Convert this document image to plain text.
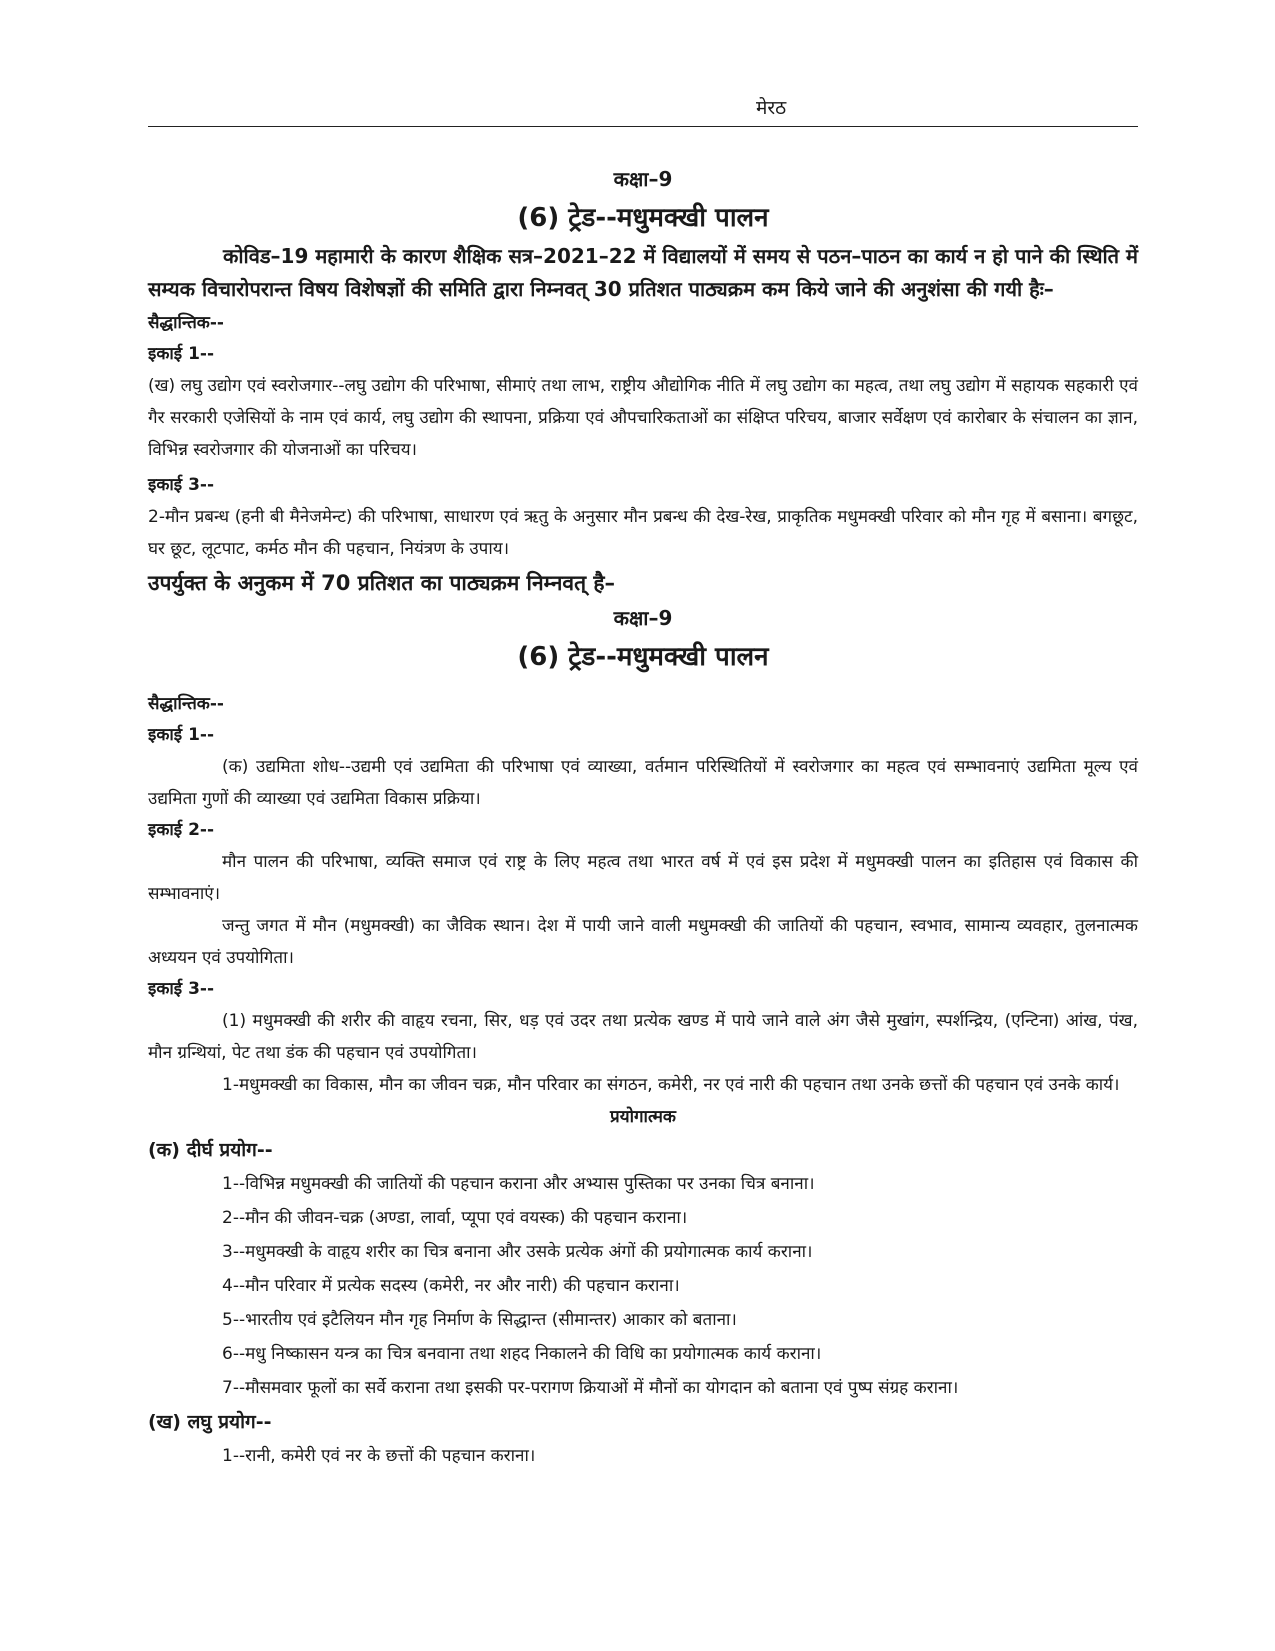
मेरठ

कक्षा–9

(6) ट्रेड--मधुमक्खी पालन

कोविड–19 महामारी के कारण शैक्षिक सत्र–2021–22 में विद्यालयों में समय से पठन–पाठन का कार्य न हो पाने की स्थिति में सम्यक विचारोपरान्त विषय विशेषज्ञों की समिति द्वारा निम्नवत् 30 प्रतिशत पाठ्यक्रम कम किये जाने की अनुशंसा की गयी हैः–

सैद्धान्तिक--

इकाई 1--

(ख) लघु उद्योग एवं स्वरोजगार--लघु उद्योग की परिभाषा, सीमाएं तथा लाभ, राष्ट्रीय औद्योगिक नीति में लघु उद्योग का महत्व, तथा लघु उद्योग में सहायक सहकारी एवं गैर सरकारी एजेसियों के नाम एवं कार्य, लघु उद्योग की स्थापना, प्रक्रिया एवं औपचारिकताओं का संक्षिप्त परिचय, बाजार सर्वेक्षण एवं कारोबार के संचालन का ज्ञान, विभिन्न स्वरोजगार की योजनाओं का परिचय।

इकाई 3--

2-मौन प्रबन्ध (हनी बी मैनेजमेन्ट) की परिभाषा, साधारण एवं ऋतु के अनुसार मौन प्रबन्ध की देख-रेख, प्राकृतिक मधुमक्खी परिवार को मौन गृह में बसाना। बगछूट, घर छूट, लूटपाट, कर्मठ मौन की पहचान, नियंत्रण के उपाय।

उपर्युक्त के अनुकम में 70 प्रतिशत का पाठ्यक्रम निम्नवत् है–

कक्षा–9

(6) ट्रेड--मधुमक्खी पालन

सैद्धान्तिक--

इकाई 1--

(क) उद्यमिता शोध--उद्यमी एवं उद्यमिता की परिभाषा एवं व्याख्या, वर्तमान परिस्थितियों में स्वरोजगार का महत्व एवं सम्भावनाएं उद्यमिता मूल्य एवं उद्यमिता गुणों की व्याख्या एवं उद्यमिता विकास प्रक्रिया।

इकाई 2--

मौन पालन की परिभाषा, व्यक्ति समाज एवं राष्ट्र के लिए महत्व तथा भारत वर्ष में एवं इस प्रदेश में मधुमक्खी पालन का इतिहास एवं विकास की सम्भावनाएं।

जन्तु जगत में मौन (मधुमक्खी) का जैविक स्थान। देश में पायी जाने वाली मधुमक्खी की जातियों की पहचान, स्वभाव, सामान्य व्यवहार, तुलनात्मक अध्ययन एवं उपयोगिता।

इकाई 3--

(1) मधुमक्खी की शरीर की वाहृय रचना, सिर, धड़ एवं उदर तथा प्रत्येक खण्ड में पाये जाने वाले अंग जैसे मुखांग, स्पर्शन्द्रिय, (एन्टिना) आंख, पंख, मौन ग्रन्थियां, पेट तथा डंक की पहचान एवं उपयोगिता।

1-मधुमक्खी का विकास, मौन का जीवन चक्र, मौन परिवार का संगठन, कमेरी, नर एवं नारी की पहचान तथा उनके छत्तों की पहचान एवं उनके कार्य।

प्रयोगात्मक

(क) दीर्घ प्रयोग--

1--विभिन्न मधुमक्खी की जातियों की पहचान कराना और अभ्यास पुस्तिका पर उनका चित्र बनाना।

2--मौन की जीवन-चक्र (अण्डा, लार्वा, प्यूपा एवं वयस्क) की पहचान कराना।

3--मधुमक्खी के वाहृय शरीर का चित्र बनाना और उसके प्रत्येक अंगों की प्रयोगात्मक कार्य कराना।

4--मौन परिवार में प्रत्येक सदस्य (कमेरी, नर और नारी) की पहचान कराना।

5--भारतीय एवं इटैलियन मौन गृह निर्माण के सिद्धान्त (सीमान्तर) आकार को बताना।

6--मधु निष्कासन यन्त्र का चित्र बनवाना तथा शहद निकालने की विधि का प्रयोगात्मक कार्य कराना।

7--मौसमवार फूलों का सर्वे कराना तथा इसकी पर-परागण क्रियाओं में मौनों का योगदान को बताना एवं पुष्प संग्रह कराना।

(ख) लघु प्रयोग--

1--रानी, कमेरी एवं नर के छत्तों की पहचान कराना।
